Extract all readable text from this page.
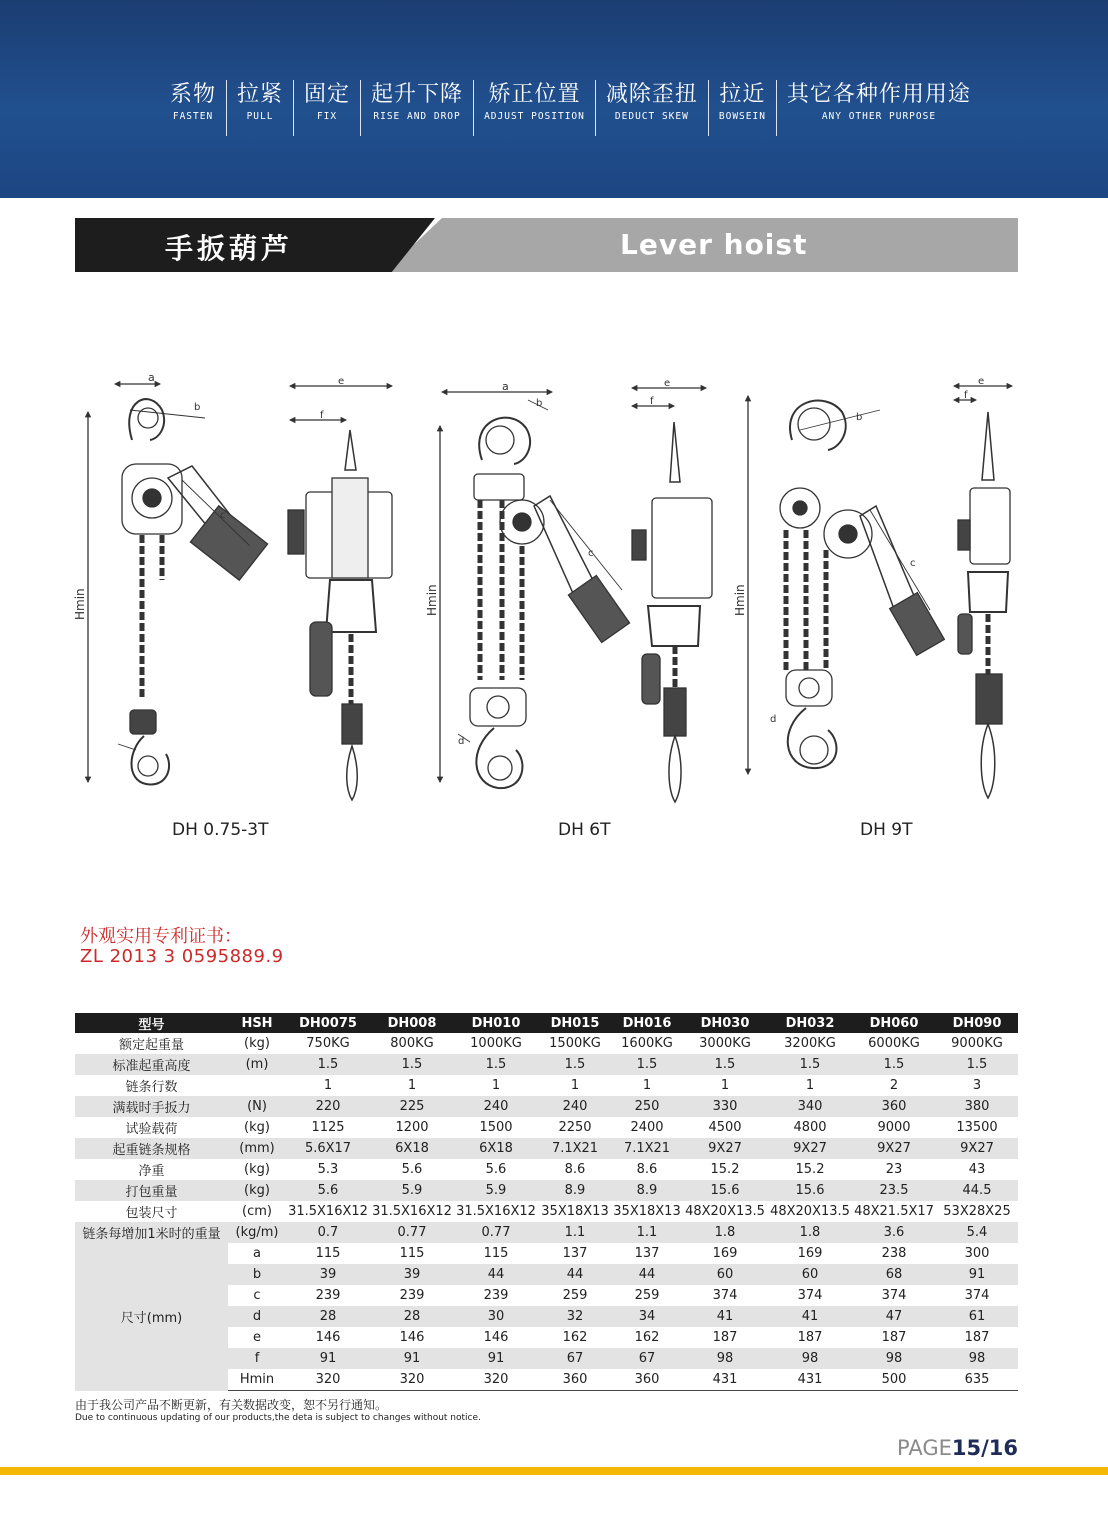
系物
FASTEN
拉紧
PULL
固定
FIX
起升下降
RISE AND DROP
矫正位置
ADJUST POSITION
减除歪扭
DEDUCT SKEW
拉近
BOWSEIN
其它各种作用用途
ANY OTHER PURPOSE
手扳葫芦	Lever hoist
a
Hmin
b
c
e
f
a
Hmin
b
c
d
e
f
Hmin
b
c
d
e
f
DH 0.75-3T	DH 6T	DH 9T
外观实用专利证书：
ZL 2013 3 0595889.9
型号	HSH	DH0075	DH008	DH010	DH015	DH016	DH030	DH032	DH060	DH090
额定起重量	(kg)	750KG	800KG	1000KG	1500KG	1600KG	3000KG	3200KG	6000KG	9000KG
标准起重高度	(m)	1.5	1.5	1.5	1.5	1.5	1.5	1.5	1.5	1.5
链条行数		1	1	1	1	1	1	1	2	3
满载时手扳力	(N)	220	225	240	240	250	330	340	360	380
试验载荷	(kg)	1125	1200	1500	2250	2400	4500	4800	9000	13500
起重链条规格	(mm)	5.6X17	6X18	6X18	7.1X21	7.1X21	9X27	9X27	9X27	9X27
净重	(kg)	5.3	5.6	5.6	8.6	8.6	15.2	15.2	23	43
打包重量	(kg)	5.6	5.9	5.9	8.9	8.9	15.6	15.6	23.5	44.5
包装尺寸	(cm)	31.5X16X12	31.5X16X12	31.5X16X12	35X18X13	35X18X13	48X20X13.5	48X20X13.5	48X21.5X17	53X28X25
链条每增加1米时的重量	(kg/m)	0.7	0.77	0.77	1.1	1.1	1.8	1.8	3.6	5.4
尺寸(mm)	a	115	115	115	137	137	169	169	238	300
	b	39	39	44	44	44	60	60	68	91
	c	239	239	239	259	259	374	374	374	374
	d	28	28	30	32	34	41	41	47	61
	e	146	146	146	162	162	187	187	187	187
	f	91	91	91	67	67	98	98	98	98
	Hmin	320	320	320	360	360	431	431	500	635
由于我公司产品不断更新，有关数据改变，恕不另行通知。
Due to continuous updating of our products,the deta is subject to changes without notice.
PAGE15/16
